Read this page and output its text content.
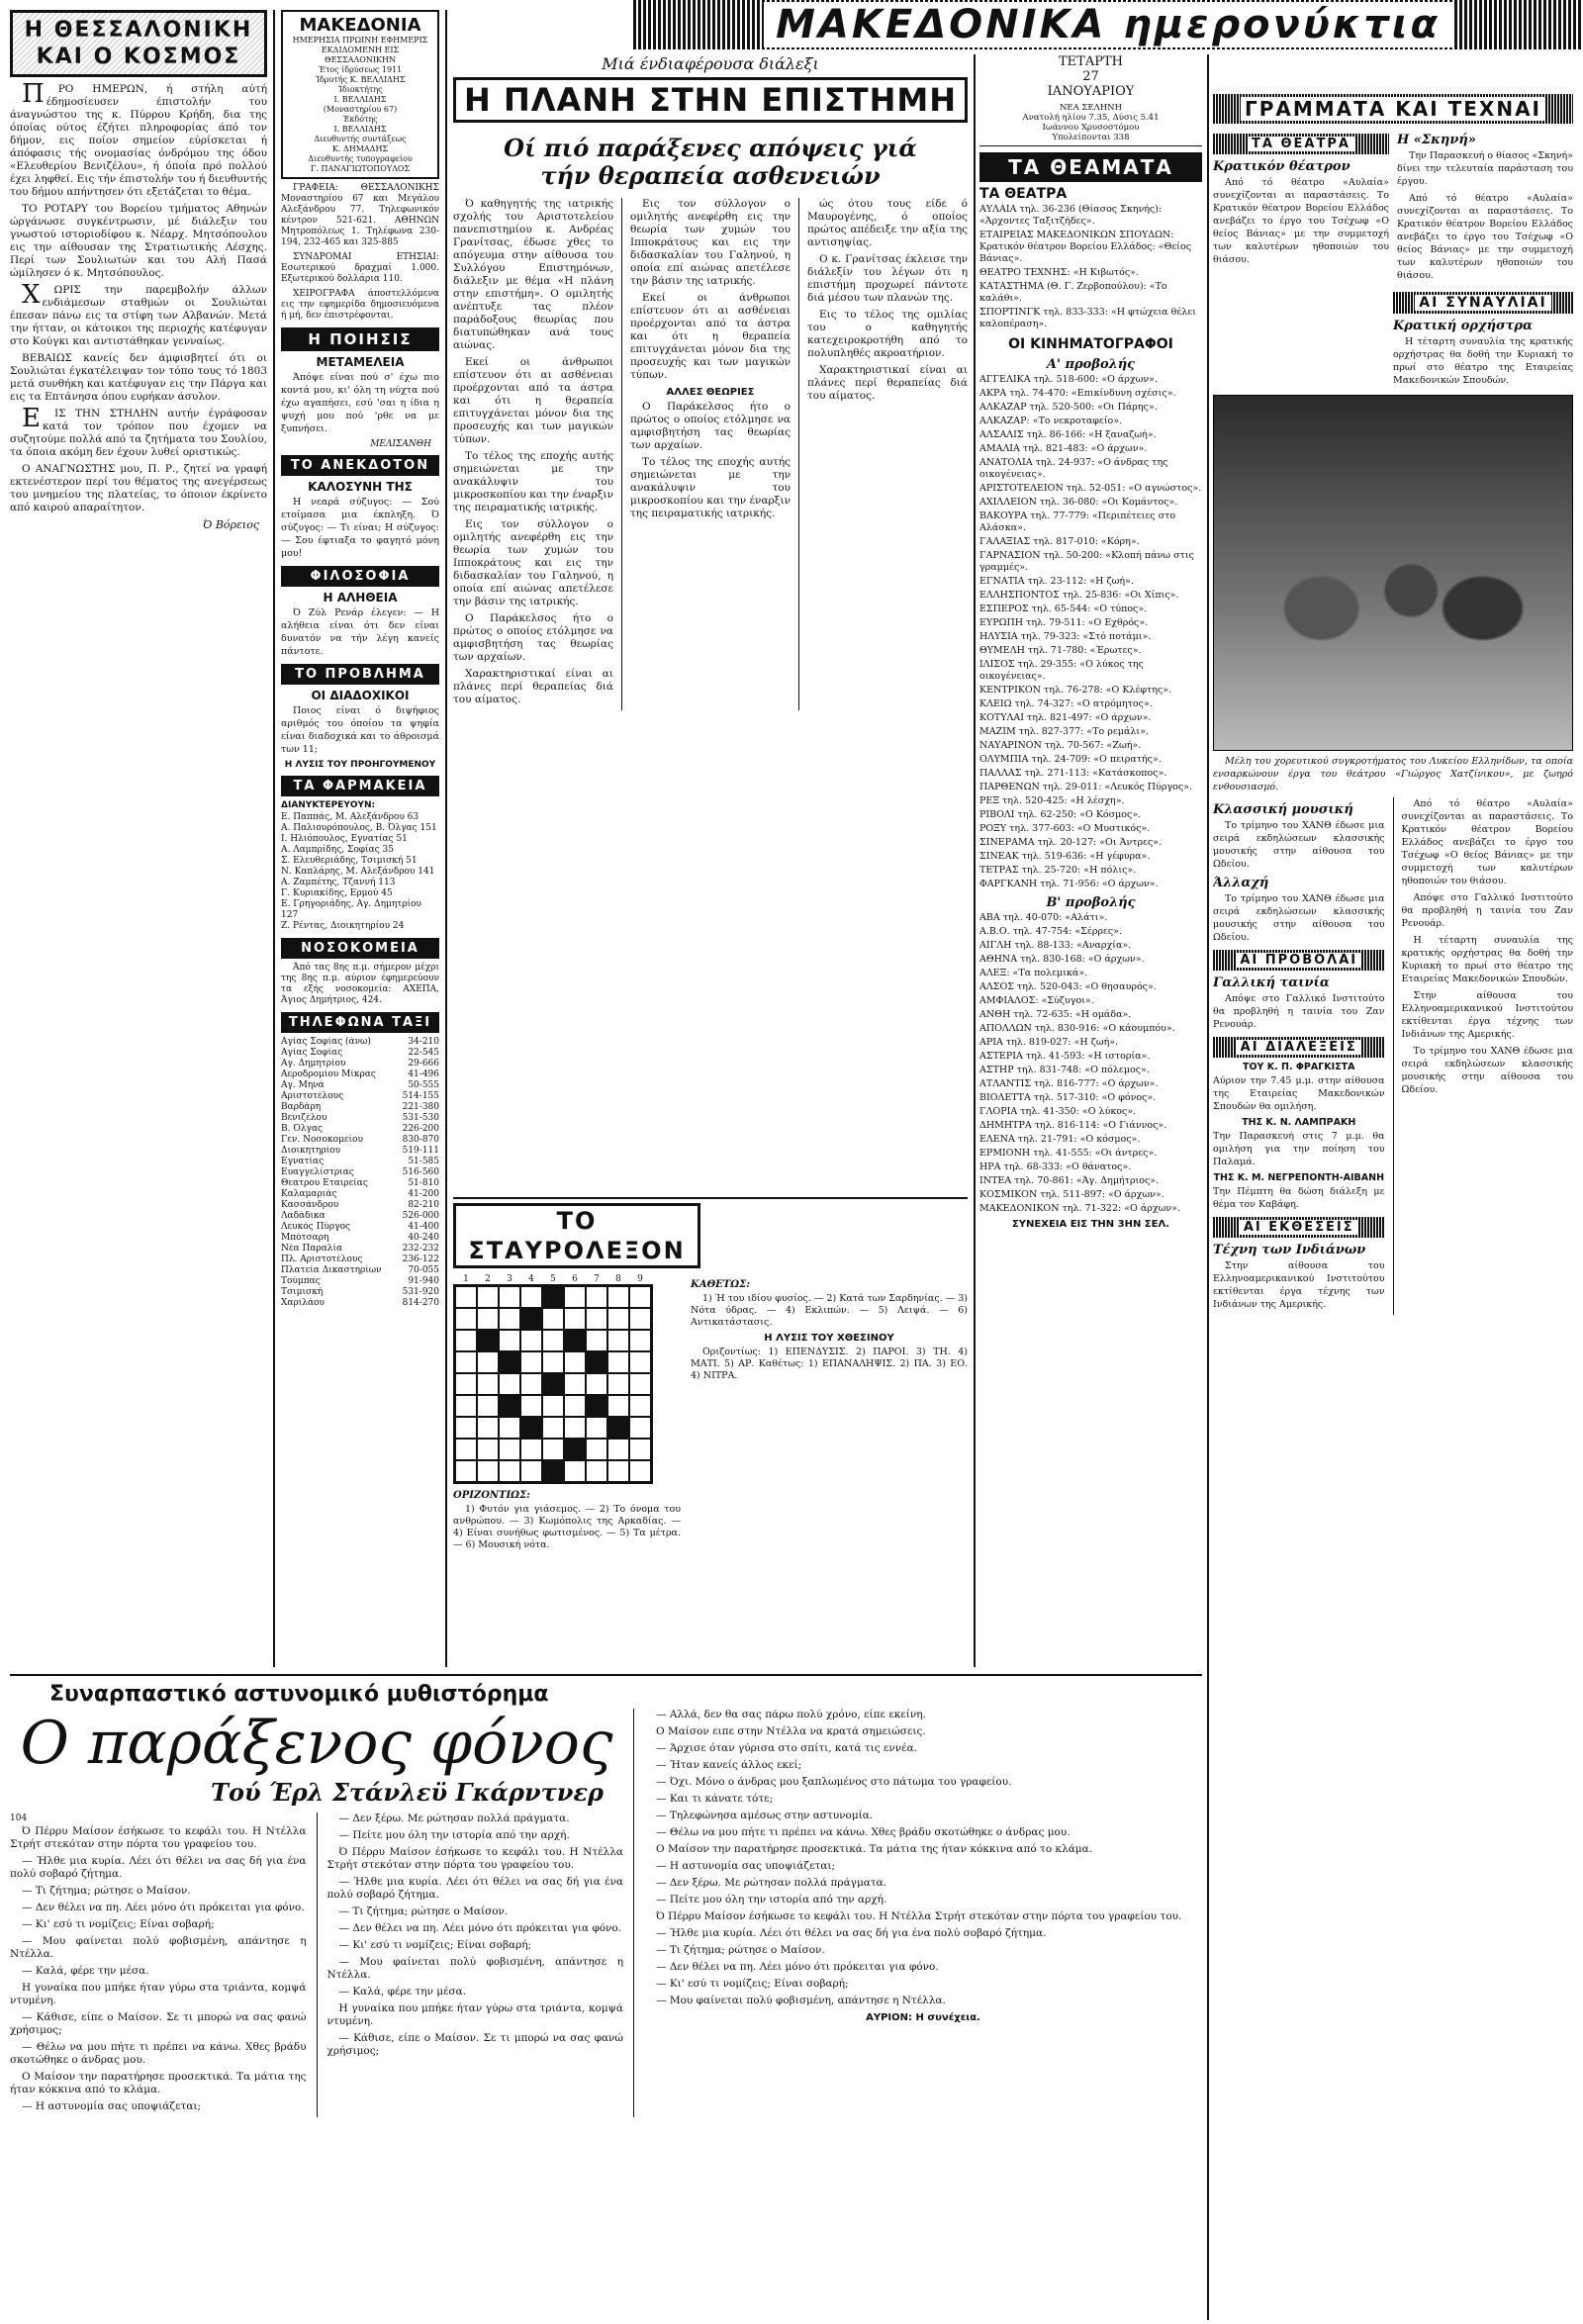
ΜΑΚΕΔΟΝΙΚΑ ημερονύκτια
Η ΘΕΣΣΑΛΟΝΙΚΗ ΚΑΙ Ο ΚΟΣΜΟΣ

ΠΡΟ ΗΜΕΡΩΝ, ή στήλη αύτή έδημοσίευσεν έπιστολήν του άναγνώστου της κ. Πύρρου Κρήδη, δια της όποίας ούτος έζήτει πληροφορίας άπό τον δήμον, εις ποίον σημείον εύρίσκεται ή άπόφασις τής ονομασίας όνδρόμου της όδου «Ελευθερίου Βενιζέλου», ή όποία πρό πολλού έχει ληφθεί. Εις τήν έπιστολήν του ή διευθυντής του δήμου απήντησεν ότι εξετάζεται το θέμα.

ΤΟ ΡΟΤΑΡΥ του Βορείου τμήματος Αθηνών ώργάνωσε συγκέντρωσιν, μέ διάλεξιν του γνωστού ιστοριοδίφου κ. Νέαρχ. Μητσόπουλου εις την αίθουσαν της Στρατιωτικής Λέσχης. Περί των Σουλιωτών και του Αλή Πασά ώμίλησεν ό κ. Μητσόπουλος.

ΧΩΡΙΣ την παρεμβολήν άλλων ενδιάμεσων σταθμών οι Σουλιώται έπεσαν πάνω εις τα στίφη των Αλβανών. Μετά την ήτταν, οι κάτοικοι της περιοχής κατέφυγαν στο Κούγκι και αντιστάθηκαν γενναίως.

ΒΕΒΑΙΩΣ κανείς δεν άμφισβητεί ότι οι Σουλιώται έγκατέλειψαν τον τόπο τους τό 1803 μετά συνθήκη και κατέφυγαν εις την Πάργα και εις τα Επτάνησα όπου ευρήκαν άσυλον.

ΕΙΣ ΤΗΝ ΣΤΗΛΗΝ αυτήν έγράφοσαν κατά τον τρόπον που έχομεν να συζητούμε πολλά από τα ζητήματα του Σουλίου, τα όποια ακόμη δεν έχουν λυθεί οριστικώς.

Ο ΑΝΑΓΝΩΣΤΗΣ μου, Π. Ρ., ζητεί να γραφή εκτενέστερον περί του θέματος της ανεγέρσεως του μνημείου της πλατείας, το όποιον έκρίνετο από καιρού απαραίτητον.

Ό Βόρειος
ΜΑΚΕΔΟΝΙΑ
ΗΜΕΡΗΣΙΑ ΠΡΩΙΝΗ ΕΦΗΜΕΡΙΣ ΕΚΔΙΔΟΜΕΝΗ ΕΙΣ ΘΕΣΣΑΛΟΝΙΚΗΝ
Έτος ίδρύσεως 1911
Ίδρυτής Κ. ΒΕΛΛΙΔΗΣ
Ίδιοκτήτης
Ι. ΒΕΛΛΙΔΗΣ
(Μοναστηρίου 67)
Έκδότης
Ι. ΒΕΛΛΙΔΗΣ
Διευθυντής συντάξεως
Κ. ΔΗΜΑΔΗΣ
Διευθυντής τυπογραφείου
Γ. ΠΑΝΑΓΙΩΤΟΠΟΥΛΟΣ

ΓΡΑΦΕΙΑ: ΘΕΣΣΑΛΟΝΙΚΗΣ Μοναστηρίου 67 και Μεγάλου Αλεξάνδρου 77. Τηλεφωνικόν κέντρον 521-621. ΑΘΗΝΩΝ Μητροπόλεως 1. Τηλέφωνα 230-194, 232-465 και 325-885

ΣΥΝΔΡΟΜΑΙ ΕΤΗΣΙΑΙ: Εσωτερικού δραχμαί 1.000. Εξωτερικού δολλάρια 110.

ΧΕΙΡΟΓΡΑΦΑ άποστελλόμενα εις την εφημερίδα δημοσιευόμενα ή μή, δεν έπιστρέφονται.

Η ΠΟΙΗΣΙΣ
ΜΕΤΑΜΕΛΕΙΑ

Άπόψε είναι πού σ' έχω πιο κοντά μου, κι' όλη τη νύχτα πού έχω αγαπήσει, εσύ 'σαι η ίδια η ψυχή μου πού 'ρθε να με ξυπνήσει.

ΜΕΛΙΣΑΝΘΗ
ΤΟ ΑΝΕΚΔΟΤΟΝ
ΚΑΛΟΣΥΝΗ ΤΗΣ

Η νεαρά σύζυγος: — Σού ετοίμασα μια έκπληξη. Ό σύζυγος: — Τι είναι; Η σύζυγος: — Σου έφτιαξα το φαγητό μόνη μου!

ΦΙΛΟΣΟΦΙΑ
Η ΑΛΗΘΕΙΑ

Ό Ζύλ Ρενάρ έλεγεν: — Η αλήθεια είναι ότι δεν είναι δυνατόν να τήν λέγη κανείς πάντοτε.

ΤΟ ΠΡΟΒΛΗΜΑ
ΟΙ ΔΙΑΔΟΧΙΚΟΙ

Ποιος είναι ό διψήφιος αριθμός του όποίου τα ψηφία είναι διαδοχικά και το άθροισμά των 11;

Η ΛΥΣΙΣ ΤΟΥ ΠΡΟΗΓΟΥΜΕΝΟΥ
ΤΑ ΦΑΡΜΑΚΕΙΑ
ΔΙΑΝΥΚΤΕΡΕΥΟΥΝ:
Ε. Παππάς, Μ. Αλεξάνδρου 63
Α. Παλιουρόπουλος, Β. Όλγας 151
Ι. Ηλιόπουλος, Εγνατίας 51
Α. Λαμπρίδης, Σοφίας 35
Σ. Ελευθεριάδης, Τσιμισκή 51
Ν. Καπλάρης, Μ. Αλεξάνδρου 141
Α. Ζαμπέτης, Τζαννή 113
Γ. Κυριακίδης, Ερμού 45
Ε. Γρηγοριάδης, Αγ. Δημητρίου 127
Ζ. Ρέντας, Διοικητηρίου 24
ΝΟΣΟΚΟΜΕΙΑ

Άπό τας 8ης π.μ. σήμερον μέχρι της 8ης π.μ. αύριον έφημερεύουν τα εξής νοσοκομεία: ΑΧΕΠΑ, Άγιος Δημήτριος, 424.

ΤΗΛΕΦΩΝΑ ΤΑΞΙ
Αγίας Σοφίας (άνω)	34-210
Αγίας Σοφίας	22-545
Αγ. Δημητρίου	29-666
Αεροδρομίου Μίκρας	41-496
Αγ. Μηνά	50-555
Αριστοτέλους	514-155
Βαρδάρη	221-380
Βενιζέλου	531-530
Β. Όλγας	226-200
Γεν. Νοσοκομείου	830-870
Διοικητηρίου	519-111
Εγνατίας	51-585
Ευαγγελίστριας	516-560
Θεατρου Εταιρείας	51-810
Καλαμαριάς	41-200
Κασσάνδρου	82-210
Λαδάδικα	526-000
Λευκός Πύργος	41-400
Μπότσαρη	40-240
Νέα Παραλία	232-232
Πλ. Αριστοτέλους	236-122
Πλατεία Δικαστηρίων	70-055
Τούμπας	91-940
Τσιμισκή	531-920
Χαριλάου	814-270
Μιά ένδιαφέρουσα διάλεξι
Η ΠΛΑΝΗ ΣΤΗΝ ΕΠΙΣΤΗΜΗ
Οί πιό παράξενες απόψεις γιά τήν θεραπεία ασθενειών

Ό καθηγητής της ιατρικής σχολής του Αριστοτελείου πανεπιστημίου κ. Ανδρέας Γρανίτσας, έδωσε χθες το απόγευμα στην αίθουσα του Συλλόγου Επιστημόνων, διάλεξιν με θέμα «Η πλάνη στην επιστήμη». Ο ομιλητής ανέπτυξε τας πλέον παράδοξους θεωρίας που διατυπώθηκαν ανά τους αιώνας.

Εκεί οι άνθρωποι επίστευον ότι αι ασθένειαι προέρχονται από τα άστρα και ότι η θεραπεία επιτυγχάνεται μόνον δια της προσευχής και των μαγικών τύπων.

Το τέλος της εποχής αυτής σημειώνεται με την ανακάλυψιν του μικροσκοπίου και την έναρξιν της πειραματικής ιατρικής.

Εις τον σύλλογον ο ομιλητής ανεφέρθη εις την θεωρία των χυμών του Ιπποκράτους και εις την διδασκαλίαν του Γαληνού, η οποία επί αιώνας απετέλεσε την βάσιν της ιατρικής.

Ο Παράκελσος ήτο ο πρώτος ο οποίος ετόλμησε να αμφισβητήση τας θεωρίας των αρχαίων.

Χαρακτηριστικαί είναι αι πλάνες περί θεραπείας διά του αίματος.

Εις τον σύλλογον ο ομιλητής ανεφέρθη εις την θεωρία των χυμών του Ιπποκράτους και εις την διδασκαλίαν του Γαληνού, η οποία επί αιώνας απετέλεσε την βάσιν της ιατρικής.

Εκεί οι άνθρωποι επίστευον ότι αι ασθένειαι προέρχονται από τα άστρα και ότι η θεραπεία επιτυγχάνεται μόνον δια της προσευχής και των μαγικών τύπων.

ΑΛΛΕΣ ΘΕΩΡΙΕΣ

Ο Παράκελσος ήτο ο πρώτος ο οποίος ετόλμησε να αμφισβητήση τας θεωρίας των αρχαίων.

Το τέλος της εποχής αυτής σημειώνεται με την ανακάλυψιν του μικροσκοπίου και την έναρξιν της πειραματικής ιατρικής.

ώς ότου τους είδε ό Μαυρογένης, ό οποίος πρώτος απέδειξε την αξία της αντισηψίας.

Ο κ. Γρανίτσας έκλεισε την διάλεξίν του λέγων ότι η επιστήμη προχωρεί πάντοτε διά μέσου των πλανών της.

Εις το τέλος της ομιλίας του ο καθηγητής κατεχειροκροτήθη από το πολυπληθές ακροατήριον.

Χαρακτηριστικαί είναι αι πλάνες περί θεραπείας διά του αίματος.

ΤΟ ΣΤΑΥΡΟΛΕΞΟΝ
1	2	3	4	5	6	7	8	9
ΟΡΙΖΟΝΤΙΩΣ:

1) Φυτόν για γιάσεμος. — 2) Το όνομα του ανθρώπου. — 3) Κωμόπολις της Αρκαδίας. — 4) Είναι συνήθως φωτισμένος. — 5) Τα μέτρα. — 6) Μουσική νότα.

ΚΑΘΕΤΩΣ:

1) Ή του ιδίου φυσίος. — 2) Κατά των Σαρδηνίας. — 3) Νότα ύδρας. — 4) Εκλιπών. — 5) Λειψά. — 6) Αντικατάστασις.

Η ΛΥΣΙΣ ΤΟΥ ΧΘΕΣΙΝΟΥ

Οριζοντίως: 1) ΕΠΕΝΔΥΣΙΣ. 2) ΠΑΡΟΙ. 3) ΤΗ. 4) ΜΑΤΙ. 5) ΑΡ. Καθέτως: 1) ΕΠΑΝΑΛΗΨΙΣ. 2) ΠΑ. 3) ΕΟ. 4) ΝΙΤΡΑ.

ΤΕΤΑΡΤΗ
27
ΙΑΝΟΥΑΡΙΟΥ
ΝΕΑ ΣΕΛΗΝΗ
Ανατολή ηλίου 7.35, Δύσις 5.41
Ιωάννου Χρυσοστόμου
Υπολείπονται 338
ΤΑ ΘΕΑΜΑΤΑ
ΤΑ ΘΕΑΤΡΑ
ΑΥΛΑΙΑ τηλ. 36-236 (Θίασος Σκηνής): «Άρχοντες Ταξιτζήδες».
ΕΤΑΙΡΕΙΑΣ ΜΑΚΕΔΟΝΙΚΩΝ ΣΠΟΥΔΩΝ: Κρατικόν θέατρον Βορείου Ελλάδος: «Θείος Βάνιας».
ΘΕΑΤΡΟ ΤΕΧΝΗΣ: «Η Κιβωτός».
ΚΑΤΑΣΤΗΜΑ (Θ. Γ. Ζερβοπούλου): «Το καλάθι».
ΣΠΟΡΤΙΝΓΚ τηλ. 833-333: «Η φτώχεια θέλει καλοπέραση».
ΟΙ ΚΙΝΗΜΑΤΟΓΡΑΦΟΙ
Α' προβολής
ΑΓΓΕΛΙΚΑ τηλ. 518-600: «Ο άρχων».
ΑΚΡΑ τηλ. 74-470: «Επικίνδυνη σχέσις».
ΑΛΚΑΖΑΡ τηλ. 520-500: «Οι Πάρης».
ΑΛΚΑΖΑΡ: «Το νεκροταφείο».
ΑΛΣΑΛΙΣ τηλ. 86-166: «Η ξαναζωή».
ΑΜΑΛΙΑ τηλ. 821-483: «Ο άρχων».
ΑΝΑΤΟΛΙΑ τηλ. 24-937: «Ο άνδρας της οικογένειας».
ΑΡΙΣΤΟΤΕΛΕΙΟΝ τηλ. 52-051: «Ο αγνώστος».
ΑΧΙΛΛΕΙΟΝ τηλ. 36-080: «Οι Κομάντος».
ΒΑΚΟΥΡΑ τηλ. 77-779: «Περιπέτειες στο Αλάσκα».
ΓΑΛΑΞΙΑΣ τηλ. 817-010: «Κόρη».
ΓΑΡΝΑΣΙΟΝ τηλ. 50-200: «Κλοπή πάνω στις γραμμές».
ΕΓΝΑΤΙΑ τηλ. 23-112: «Η ζωή».
ΕΛΛΗΣΠΟΝΤΟΣ τηλ. 25-836: «Οι Χίπις».
ΕΣΠΕΡΟΣ τηλ. 65-544: «Ο τύπος».
ΕΥΡΩΠΗ τηλ. 79-511: «Ο Εχθρός».
ΗΛΥΣΙΑ τηλ. 79-323: «Στό ποτάμι».
ΘΥΜΕΛΗ τηλ. 71-780: «Έρωτες».
ΙΛΙΣΟΣ τηλ. 29-355: «Ο λύκος της οικογένειας».
ΚΕΝΤΡΙΚΟΝ τηλ. 76-278: «Ο Κλέφτης».
ΚΛΕΙΩ τηλ. 74-327: «Ο ατρόμητος».
ΚΟΤΥΛΑΙ τηλ. 821-497: «Ο άρχων».
ΜΑΖΙΜ τηλ. 827-377: «Το ρεμάλι».
ΝΑΥΑΡΙΝΟΝ τηλ. 70-567: «Ζωή».
ΟΛΥΜΠΙΑ τηλ. 24-709: «Ο πειρατής».
ΠΑΛΛΑΣ τηλ. 271-113: «Κατάσκοπος».
ΠΑΡΘΕΝΩΝ τηλ. 29-011: «Λευκός Πύργος».
ΡΕΞ τηλ. 520-425: «Η λέσχη».
ΡΙΒΟΛΙ τηλ. 62-250: «Ο Κόσμος».
ΡΟΞΥ τηλ. 377-603: «Ο Μυστικός».
ΣΙΝΕΡΑΜΑ τηλ. 20-127: «Οι Άντρες».
ΣΙΝΕΑΚ τηλ. 519-636: «Η γέφυρα».
ΤΕΤΡΑΣ τηλ. 25-720: «Η πόλις».
ΦΑΡΓΚΑΝΗ τηλ. 71-956: «Ο άρχων».
Β' προβολής
ΑΒΑ τηλ. 40-070: «Αλάτι».
Α.Β.Ο. τηλ. 47-754: «Σέρρες».
ΑΙΓΛΗ τηλ. 88-133: «Αναρχία».
ΑΘΗΝΑ τηλ. 830-168: «Ο άρχων».
ΑΛΕΞ: «Τα πολεμικά».
ΑΛΣΟΣ τηλ. 520-043: «Ο θησαυρός».
ΑΜΦΙΑΛΟΣ: «Σύζυγοι».
ΑΝΘΗ τηλ. 72-635: «Η ομάδα».
ΑΠΟΛΛΩΝ τηλ. 830-916: «Ο κάουμπόυ».
ΑΡΙΑ τηλ. 819-027: «Η ζωή».
ΑΣΤΕΡΙΑ τηλ. 41-593: «Η ιστορία».
ΑΣΤΗΡ τηλ. 831-748: «Ο πόλεμος».
ΑΤΛΑΝΤΙΣ τηλ. 816-777: «Ο άρχων».
ΒΙΟΛΕΤΤΑ τηλ. 517-310: «Ο φόνος».
ΓΛΟΡΙΑ τηλ. 41-350: «Ο λύκος».
ΔΗΜΗΤΡΑ τηλ. 816-114: «Ο Γιάννος».
ΕΛΕΝΑ τηλ. 21-791: «Ο κόσμος».
ΕΡΜΙΟΝΗ τηλ. 41-555: «Οι άντρες».
ΗΡΑ τηλ. 68-333: «Ο θάνατος».
ΙΝΤΕΑ τηλ. 70-861: «Άγ. Δημήτριος».
ΚΟΣΜΙΚΟΝ τηλ. 511-897: «Ο άρχων».
ΜΑΚΕΔΟΝΙΚΟΝ τηλ. 71-322: «Ο άρχων».
ΣΥΝΕΧΕΙΑ ΕΙΣ ΤΗΝ 3ΗΝ ΣΕΛ.
ΓΡΑΜΜΑΤΑ ΚΑΙ ΤΕΧΝΑΙ
ΤΑ ΘΕΑΤΡΑ
Κρατικόν θέατρον

Από τό θέατρο «Αυλαία» συνεχίζονται αι παραστάσεις. Το Κρατικόν θέατρον Βορείου Ελλάδος ανεβάζει το έργο του Τσέχωφ «Ο θείος Βάνιας» με την συμμετοχή των καλυτέρων ηθοποιών του θιάσου.

Η «Σκηνή»

Την Παρασκευή ο θίασος «Σκηνή» δίνει την τελευταία παράσταση του έργου.

Από τό θέατρο «Αυλαία» συνεχίζονται αι παραστάσεις. Το Κρατικόν θέατρον Βορείου Ελλάδος ανεβάζει το έργο του Τσέχωφ «Ο θείος Βάνιας» με την συμμετοχή των καλυτέρων ηθοποιών του θιάσου.

ΑΙ ΣΥΝΑΥΛΙΑΙ
Κρατική ορχήστρα

Η τέταρτη συναυλία της κρατικής ορχήστρας θα δοθή την Κυριακή το πρωί στο θέατρο της Εταιρείας Μακεδονικών Σπουδών.

Μέλη του χορευτικού συγκροτήματος του Λυκείου Ελληνίδων, τα οποία ενσαρκώνουν έργα του θεάτρου «Γιώργος Χατζίνικου», με ζωηρό ενθουσιασμό.

Κλασσική μουσική

Το τρίμηνο του ΧΑΝΘ έδωσε μια σειρά εκδηλώσεων κλασσικής μουσικής στην αίθουσα του Ωδείου.

Άλλαχή

Το τρίμηνο του ΧΑΝΘ έδωσε μια σειρά εκδηλώσεων κλασσικής μουσικής στην αίθουσα του Ωδείου.

ΑΙ ΠΡΟΒΟΛΑΙ
Γαλλική ταινία

Απόψε στο Γαλλικό Ινστιτούτο θα προβληθή η ταινία του Ζαν Ρενουάρ.

ΑΙ ΔΙΑΛΕΞΕΙΣ
ΤΟΥ Κ. Π. ΦΡΑΓΚΙΣΤΑ
Αύριον την 7.45 μ.μ. στην αίθουσα της Εταιρείας Μακεδονικών Σπουδών θα ομιλήση.
ΤΗΣ Κ. Ν. ΛΑΜΠΡΑΚΗ
Την Παρασκευή στις 7 μ.μ. θα ομιλήση για την ποίηση του Παλαμά.
ΤΗΣ Κ. Μ. ΝΕΓΡΕΠΟΝΤΗ-ΑΙΒΑΝΗ
Την Πέμπτη θα δώση διάλεξη με θέμα τον Καβάφη.
ΑΙ ΕΚΘΕΣΕΙΣ
Τέχνη των Ινδιάνων

Στην αίθουσα του Ελληνοαμερικανικού Ινστιτούτου εκτίθενται έργα τέχνης των Ινδιάνων της Αμερικής.

Από τό θέατρο «Αυλαία» συνεχίζονται αι παραστάσεις. Το Κρατικόν θέατρον Βορείου Ελλάδος ανεβάζει το έργο του Τσέχωφ «Ο θείος Βάνιας» με την συμμετοχή των καλυτέρων ηθοποιών του θιάσου.

Απόψε στο Γαλλικό Ινστιτούτο θα προβληθή η ταινία του Ζαν Ρενουάρ.

Η τέταρτη συναυλία της κρατικής ορχήστρας θα δοθή την Κυριακή το πρωί στο θέατρο της Εταιρείας Μακεδονικών Σπουδών.

Στην αίθουσα του Ελληνοαμερικανικού Ινστιτούτου εκτίθενται έργα τέχνης των Ινδιάνων της Αμερικής.

Το τρίμηνο του ΧΑΝΘ έδωσε μια σειρά εκδηλώσεων κλασσικής μουσικής στην αίθουσα του Ωδείου.

Συναρπαστικό αστυνομικό μυθιστόρημα
Ο παράξενος φόνος
Τού Έρλ Στάνλεϋ Γκάρντνερ
104

Ό Πέρρυ Μαίσον έσήκωσε το κεφάλι του. Η Ντέλλα Στρήτ στεκόταν στην πόρτα του γραφείου του.

— Ήλθε μια κυρία. Λέει ότι θέλει να σας δή για ένα πολύ σοβαρό ζήτημα.

— Τι ζήτημα; ρώτησε ο Μαίσον.

— Δεν θέλει να πη. Λέει μόνο ότι πρόκειται για φόνο.

— Κι' εσύ τι νομίζεις; Είναι σοβαρή;

— Μου φαίνεται πολύ φοβισμένη, απάντησε η Ντέλλα.

— Καλά, φέρε την μέσα.

Η γυναίκα που μπήκε ήταν γύρω στα τριάντα, κομψά ντυμένη.

— Κάθισε, είπε ο Μαίσον. Σε τι μπορώ να σας φανώ χρήσιμος;

— Θέλω να μου πήτε τι πρέπει να κάνω. Χθες βράδυ σκοτώθηκε ο άνδρας μου.

Ο Μαίσον την παρατήρησε προσεκτικά. Τα μάτια της ήταν κόκκινα από το κλάμα.

— Η αστυνομία σας υποψιάζεται;

— Δεν ξέρω. Με ρώτησαν πολλά πράγματα.

— Πείτε μου όλη την ιστορία από την αρχή.

Ό Πέρρυ Μαίσον έσήκωσε το κεφάλι του. Η Ντέλλα Στρήτ στεκόταν στην πόρτα του γραφείου του.

— Ήλθε μια κυρία. Λέει ότι θέλει να σας δή για ένα πολύ σοβαρό ζήτημα.

— Τι ζήτημα; ρώτησε ο Μαίσον.

— Δεν θέλει να πη. Λέει μόνο ότι πρόκειται για φόνο.

— Κι' εσύ τι νομίζεις; Είναι σοβαρή;

— Μου φαίνεται πολύ φοβισμένη, απάντησε η Ντέλλα.

— Καλά, φέρε την μέσα.

Η γυναίκα που μπήκε ήταν γύρω στα τριάντα, κομψά ντυμένη.

— Κάθισε, είπε ο Μαίσον. Σε τι μπορώ να σας φανώ χρήσιμος;

— Αλλά, δεν θα σας πάρω πολύ χρόνο, είπε εκείνη.

Ο Μαίσον ειπε στην Ντέλλα να κρατά σημειώσεις.

— Άρχισε όταν γύρισα στο σπίτι, κατά τις εννέα.

— Ήταν κανείς άλλος εκεί;

— Όχι. Μόνο ο άνδρας μου ξαπλωμένος στο πάτωμα του γραφείου.

— Και τι κάνατε τότε;

— Τηλεφώνησα αμέσως στην αστυνομία.

— Θέλω να μου πήτε τι πρέπει να κάνω. Χθες βράδυ σκοτώθηκε ο άνδρας μου.

Ο Μαίσον την παρατήρησε προσεκτικά. Τα μάτια της ήταν κόκκινα από το κλάμα.

— Η αστυνομία σας υποψιάζεται;

— Δεν ξέρω. Με ρώτησαν πολλά πράγματα.

— Πείτε μου όλη την ιστορία από την αρχή.

Ό Πέρρυ Μαίσον έσήκωσε το κεφάλι του. Η Ντέλλα Στρήτ στεκόταν στην πόρτα του γραφείου του.

— Ήλθε μια κυρία. Λέει ότι θέλει να σας δή για ένα πολύ σοβαρό ζήτημα.

— Τι ζήτημα; ρώτησε ο Μαίσον.

— Δεν θέλει να πη. Λέει μόνο ότι πρόκειται για φόνο.

— Κι' εσύ τι νομίζεις; Είναι σοβαρή;

— Μου φαίνεται πολύ φοβισμένη, απάντησε η Ντέλλα.

ΑΥΡΙΟΝ: Η συνέχεια.
